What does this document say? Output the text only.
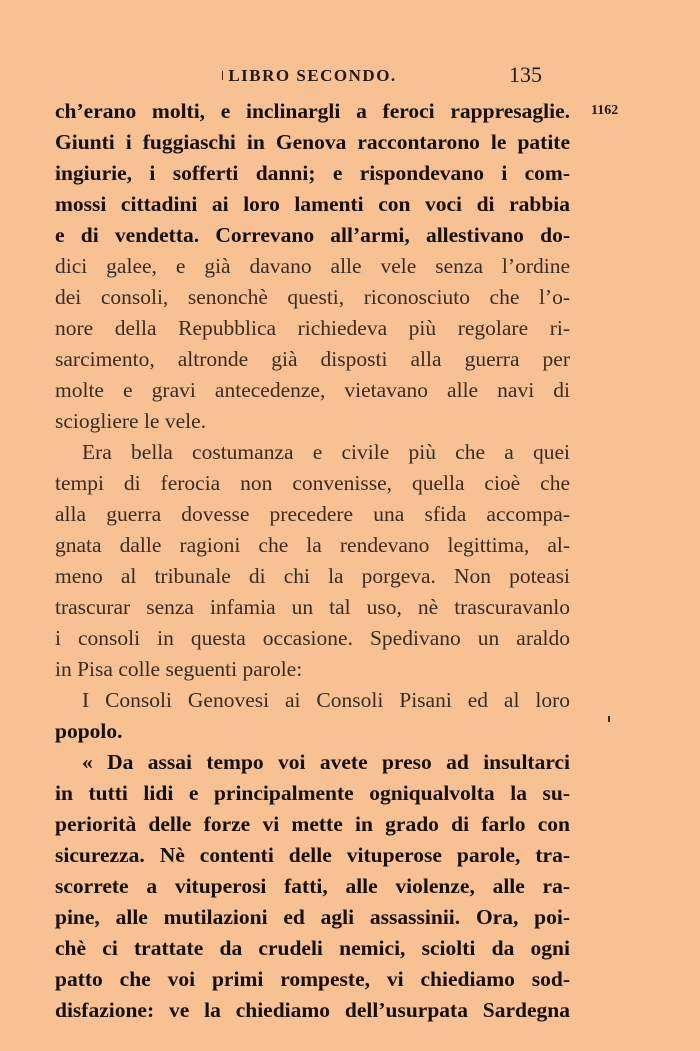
LIBRO SECONDO.	135
1162
ch’erano molti, e inclinargli a feroci rappresaglie.
Giunti i fuggiaschi in Genova raccontarono le patite
ingiurie, i sofferti danni; e rispondevano i com-
mossi cittadini ai loro lamenti con voci di rabbia
e di vendetta. Correvano all’armi, allestivano do-
dici galee, e già davano alle vele senza l’ordine
dei consoli, senonchè questi, riconosciuto che l’o-
nore della Repubblica richiedeva più regolare ri-
sarcimento, altronde già disposti alla guerra per
molte e gravi antecedenze, vietavano alle navi di
sciogliere le vele.
Era bella costumanza e civile più che a quei
tempi di ferocia non convenisse, quella cioè che
alla guerra dovesse precedere una sfida accompa-
gnata dalle ragioni che la rendevano legittima, al-
meno al tribunale di chi la porgeva. Non poteasi
trascurar senza infamia un tal uso, nè trascuravanlo
i consoli in questa occasione. Spedivano un araldo
in Pisa colle seguenti parole:
I Consoli Genovesi ai Consoli Pisani ed al loro
popolo.
« Da assai tempo voi avete preso ad insultarci
in tutti lidi e principalmente ogniqualvolta la su-
periorità delle forze vi mette in grado di farlo con
sicurezza. Nè contenti delle vituperose parole, tra-
scorrete a vituperosi fatti, alle violenze, alle ra-
pine, alle mutilazioni ed agli assassinii. Ora, poi-
chè ci trattate da crudeli nemici, sciolti da ogni
patto che voi primi rompeste, vi chiediamo sod-
disfazione: ve la chiediamo dell’usurpata Sardegna
